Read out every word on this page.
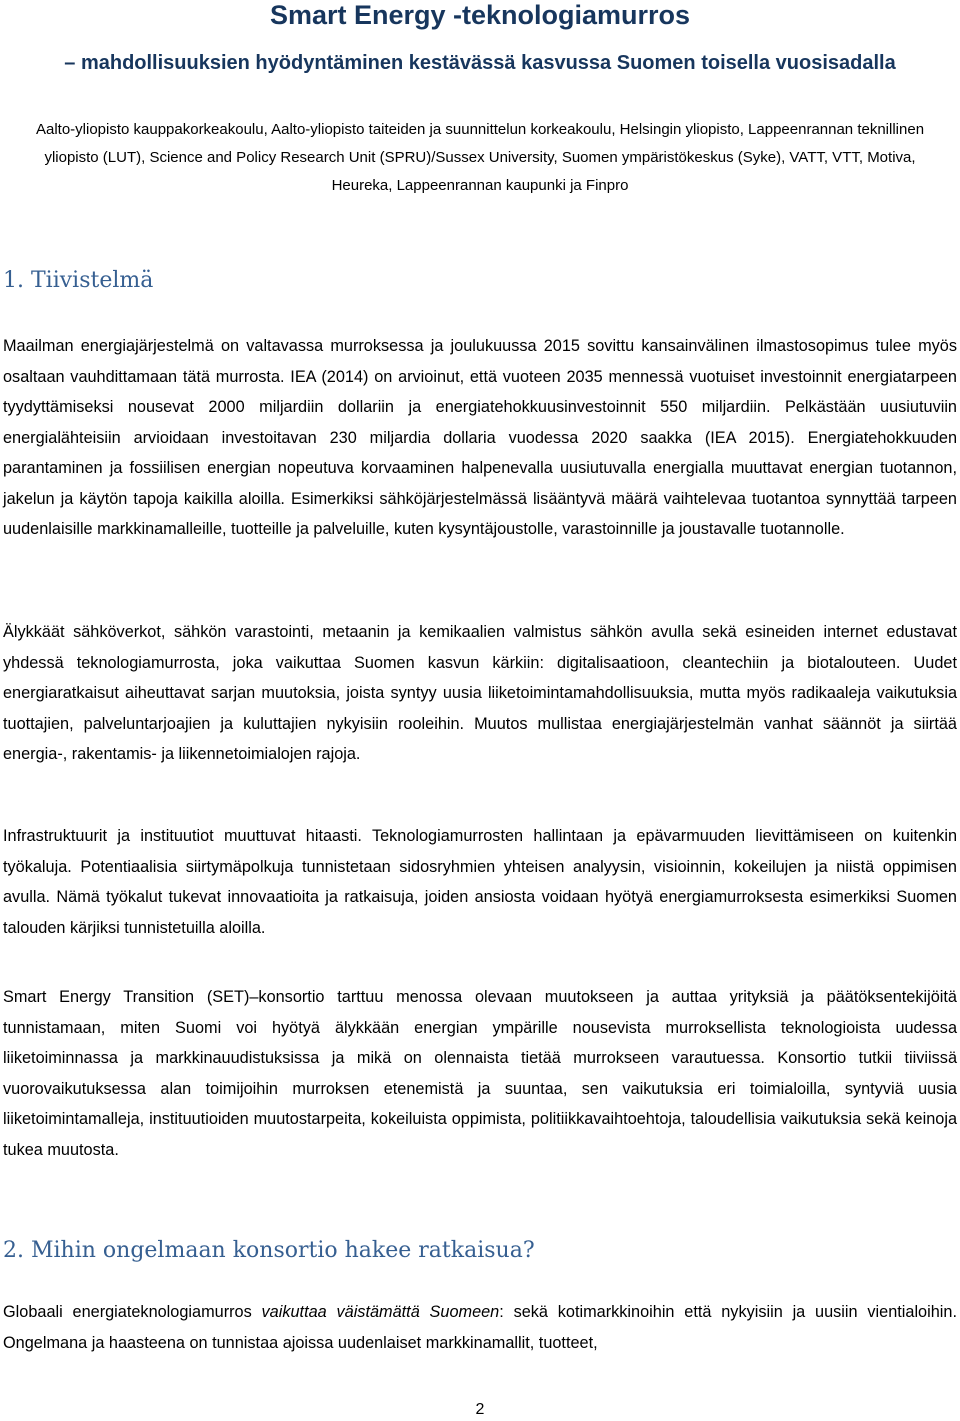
Smart Energy -teknologiamurros
– mahdollisuuksien hyödyntäminen kestävässä kasvussa Suomen toisella vuosisadalla
Aalto-yliopisto kauppakorkeakoulu, Aalto-yliopisto taiteiden ja suunnittelun korkeakoulu, Helsingin yliopisto, Lappeenrannan teknillinen yliopisto (LUT), Science and Policy Research Unit (SPRU)/Sussex University, Suomen ympäristökeskus (Syke), VATT, VTT, Motiva, Heureka, Lappeenrannan kaupunki ja Finpro
1. Tiivistelmä

Maailman energiajärjestelmä on valtavassa murroksessa ja joulukuussa 2015 sovittu kansainvälinen ilmastosopimus tulee myös osaltaan vauhdittamaan tätä murrosta. IEA (2014) on arvioinut, että vuoteen 2035 mennessä vuotuiset investoinnit energiatarpeen tyydyttämiseksi nousevat 2000 miljardiin dollariin ja energiatehokkuusinvestoinnit 550 miljardiin. Pelkästään uusiutuviin energialähteisiin arvioidaan investoitavan 230 miljardia dollaria vuodessa 2020 saakka (IEA 2015). Energiatehokkuuden parantaminen ja fossiilisen energian nopeutuva korvaaminen halpenevalla uusiutuvalla energialla muuttavat energian tuotannon, jakelun ja käytön tapoja kaikilla aloilla. Esimerkiksi sähköjärjestelmässä lisääntyvä määrä vaihtelevaa tuotantoa synnyttää tarpeen uudenlaisille markkinamalleille, tuotteille ja palveluille, kuten kysyntäjoustolle, varastoinnille ja joustavalle tuotannolle.

Älykkäät sähköverkot, sähkön varastointi, metaanin ja kemikaalien valmistus sähkön avulla sekä esineiden internet edustavat yhdessä teknologiamurrosta, joka vaikuttaa Suomen kasvun kärkiin: digitalisaatioon, cleantechiin ja biotalouteen. Uudet energiaratkaisut aiheuttavat sarjan muutoksia, joista syntyy uusia liiketoimintamahdollisuuksia, mutta myös radikaaleja vaikutuksia tuottajien, palveluntarjoajien ja kuluttajien nykyisiin rooleihin. Muutos mullistaa energiajärjestelmän vanhat säännöt ja siirtää energia-, rakentamis- ja liikennetoimialojen rajoja.

Infrastruktuurit ja instituutiot muuttuvat hitaasti. Teknologiamurrosten hallintaan ja epävarmuuden lievittämiseen on kuitenkin työkaluja. Potentiaalisia siirtymäpolkuja tunnistetaan sidosryhmien yhteisen analyysin, visioinnin, kokeilujen ja niistä oppimisen avulla. Nämä työkalut tukevat innovaatioita ja ratkaisuja, joiden ansiosta voidaan hyötyä energiamurroksesta esimerkiksi Suomen talouden kärjiksi tunnistetuilla aloilla.

Smart Energy Transition (SET)–konsortio tarttuu menossa olevaan muutokseen ja auttaa yrityksiä ja päätöksentekijöitä tunnistamaan, miten Suomi voi hyötyä älykkään energian ympärille nousevista murroksellista teknologioista uudessa liiketoiminnassa ja markkinauudistuksissa ja mikä on olennaista tietää murrokseen varautuessa. Konsortio tutkii tiiviissä vuorovaikutuksessa alan toimijoihin murroksen etenemistä ja suuntaa, sen vaikutuksia eri toimialoilla, syntyviä uusia liiketoimintamalleja, instituutioiden muutostarpeita, kokeiluista oppimista, politiikkavaihtoehtoja, taloudellisia vaikutuksia sekä keinoja tukea muutosta.

2. Mihin ongelmaan konsortio hakee ratkaisua?

Globaali energiateknologiamurros vaikuttaa väistämättä Suomeen: sekä kotimarkkinoihin että nykyisiin ja uusiin vientialoihin. Ongelmana ja haasteena on tunnistaa ajoissa uudenlaiset markkinamallit, tuotteet,

2
